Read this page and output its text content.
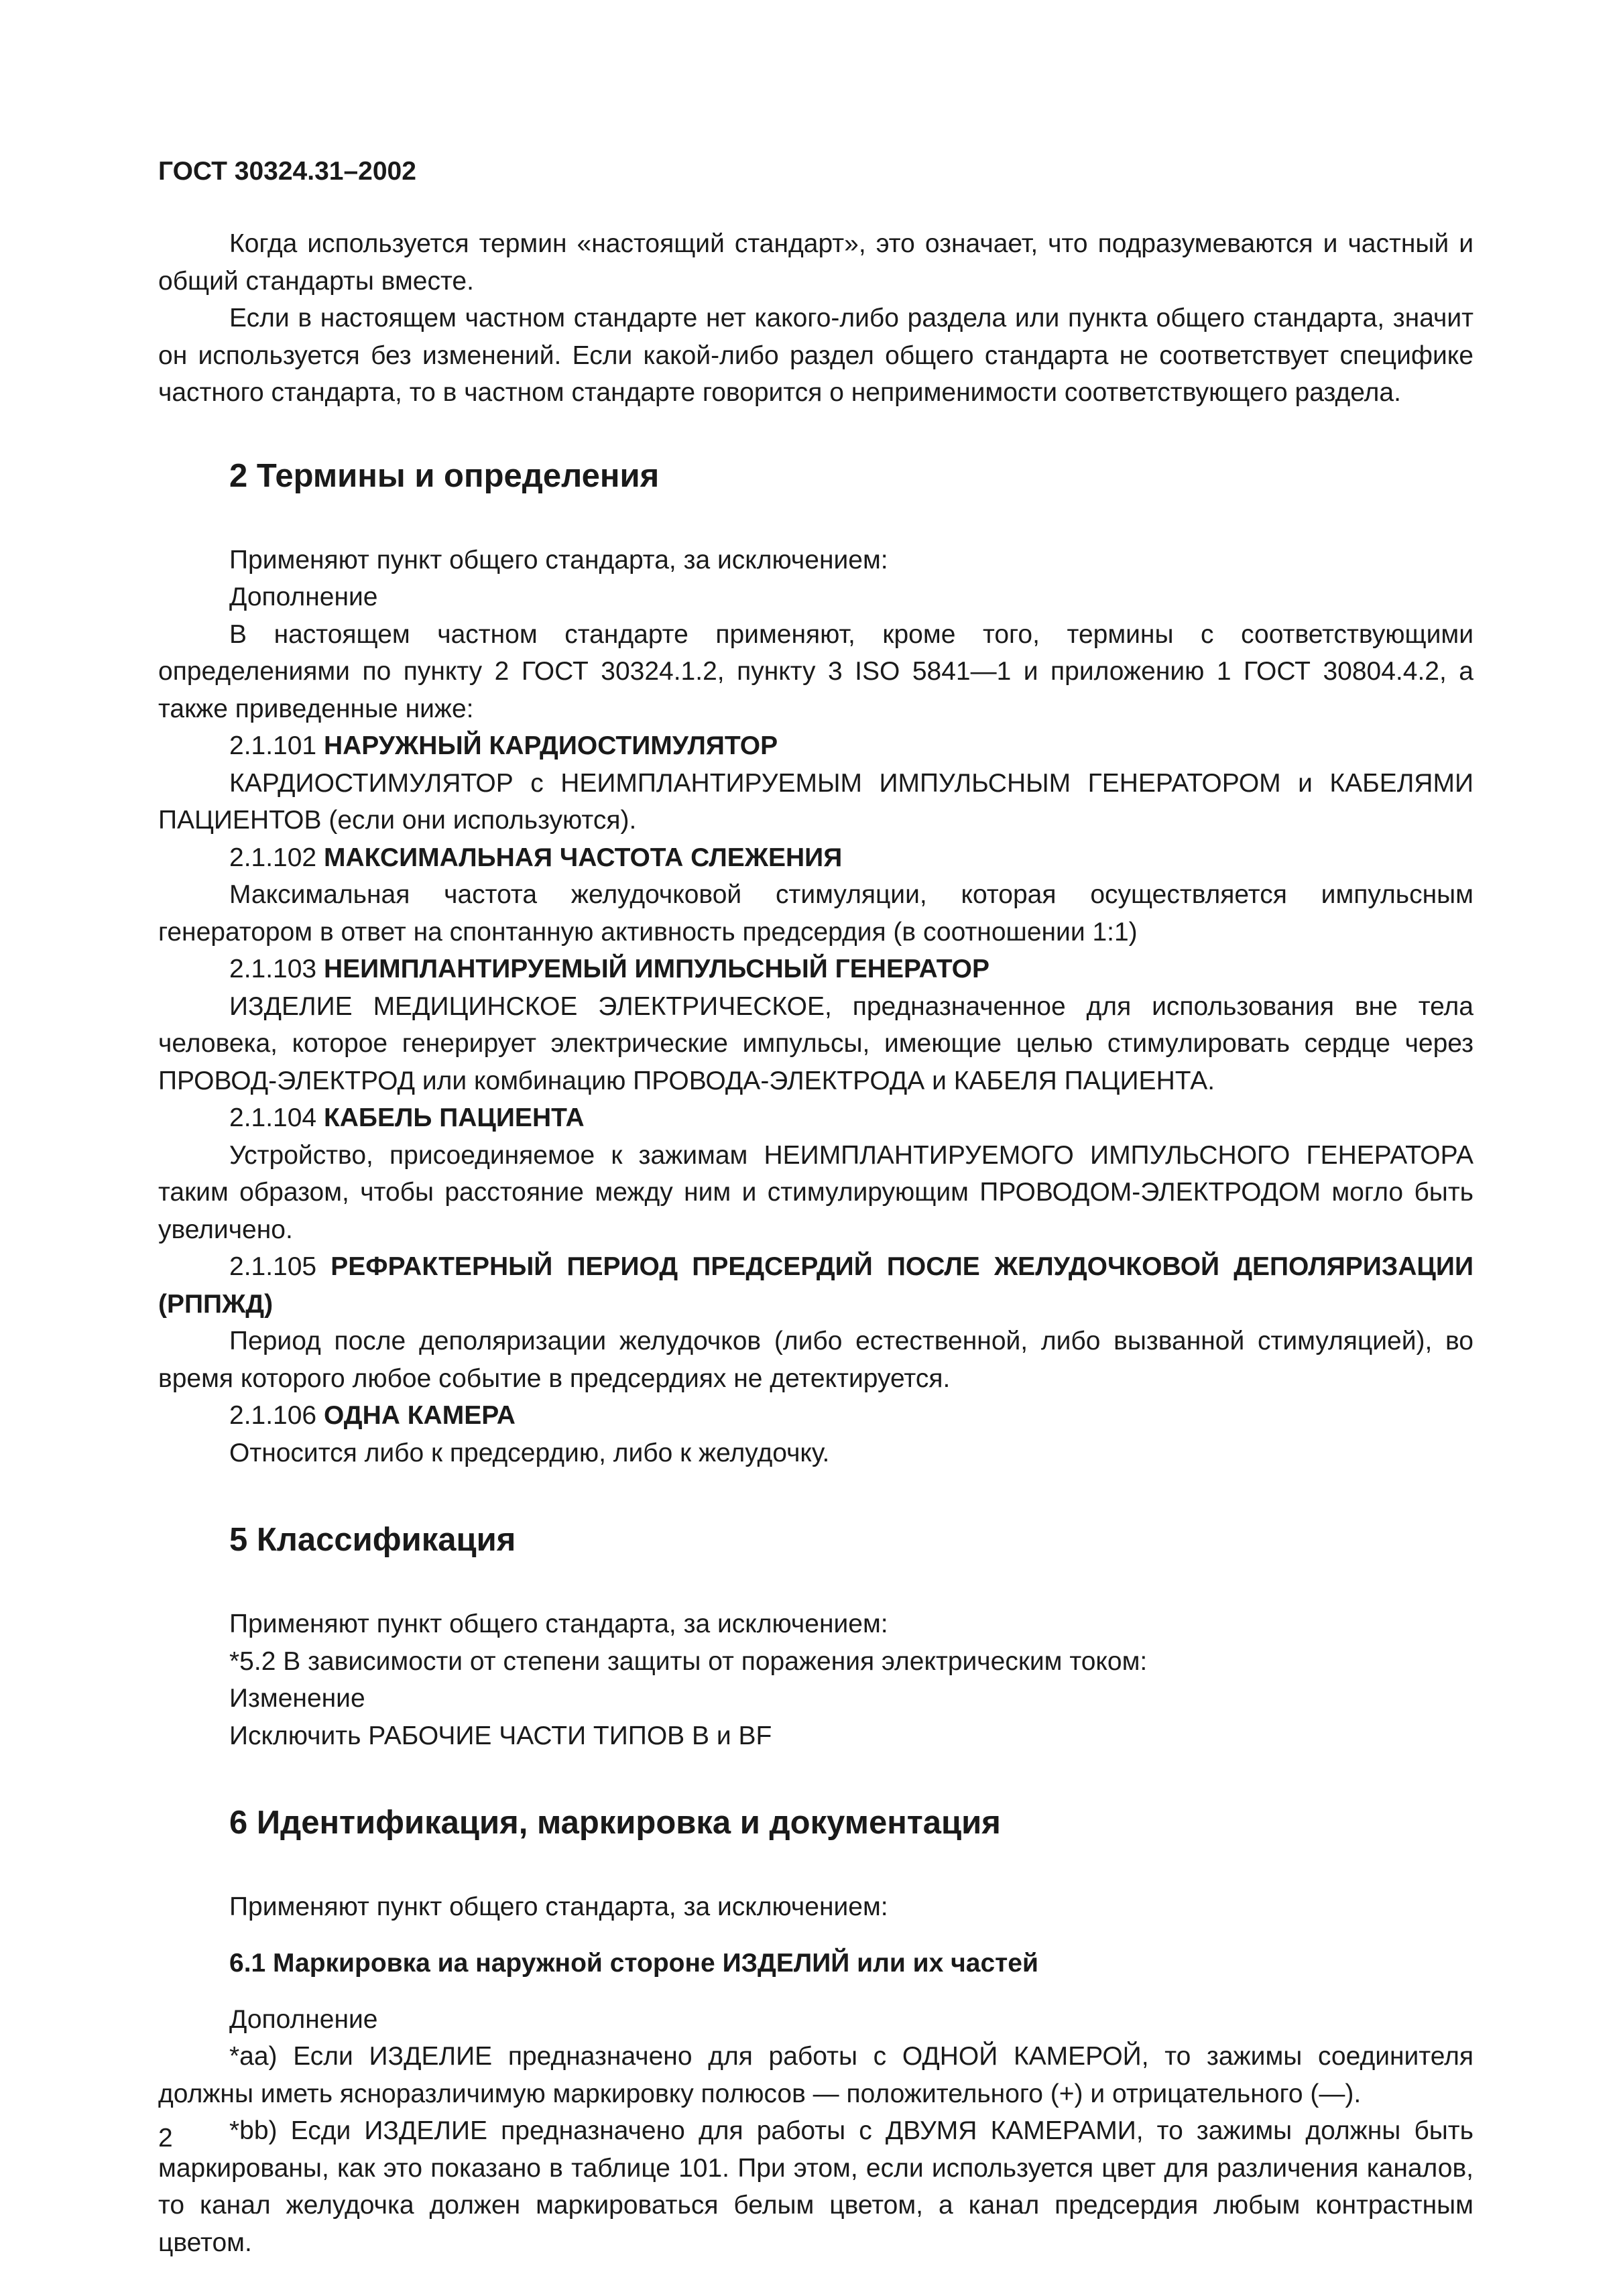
ГОСТ 30324.31–2002

Когда используется термин «настоящий стандарт», это означает, что подразумеваются и частный и общий стандарты вместе.

Если в настоящем частном стандарте нет какого-либо раздела или пункта общего стандарта, значит он используется без изменений. Если какой-либо раздел общего стандарта не соответствует специфике частного стандарта, то в частном стандарте говорится о неприменимости соответствующего раздела.

2 Термины и определения

Применяют пункт общего стандарта, за исключением:

Дополнение

В настоящем частном стандарте применяют, кроме того, термины с соответствующими определениями по пункту 2 ГОСТ 30324.1.2, пункту 3 ISO 5841—1 и приложению 1 ГОСТ 30804.4.2, а также приведенные ниже:

2.1.101 НАРУЖНЫЙ КАРДИОСТИМУЛЯТОР

КАРДИОСТИМУЛЯТОР с НЕИМПЛАНТИРУЕМЫМ ИМПУЛЬСНЫМ ГЕНЕРАТОРОМ и КАБЕЛЯМИ ПАЦИЕНТОВ (если они используются).

2.1.102 МАКСИМАЛЬНАЯ ЧАСТОТА СЛЕЖЕНИЯ

Максимальная частота желудочковой стимуляции, которая осуществляется импульсным генератором в ответ на спонтанную активность предсердия (в соотношении 1:1)

2.1.103 НЕИМПЛАНТИРУЕМЫЙ ИМПУЛЬСНЫЙ ГЕНЕРАТОР

ИЗДЕЛИЕ МЕДИЦИНСКОЕ ЭЛЕКТРИЧЕСКОЕ, предназначенное для использования вне тела человека, которое генерирует электрические импульсы, имеющие целью стимулировать сердце через ПРОВОД-ЭЛЕКТРОД или комбинацию ПРОВОДА-ЭЛЕКТРОДА и КАБЕЛЯ ПАЦИЕНТА.

2.1.104 КАБЕЛЬ ПАЦИЕНТА

Устройство, присоединяемое к зажимам НЕИМПЛАНТИРУЕМОГО ИМПУЛЬСНОГО ГЕНЕРАТОРА таким образом, чтобы расстояние между ним и стимулирующим ПРОВОДОМ-ЭЛЕКТРОДОМ могло быть увеличено.

2.1.105 РЕФРАКТЕРНЫЙ ПЕРИОД ПРЕДСЕРДИЙ ПОСЛЕ ЖЕЛУДОЧКОВОЙ ДЕПОЛЯРИЗАЦИИ (РППЖД)

Период после деполяризации желудочков (либо естественной, либо вызванной стимуляцией), во время которого любое событие в предсердиях не детектируется.

2.1.106 ОДНА КАМЕРА

Относится либо к предсердию, либо к желудочку.

5 Классификация

Применяют пункт общего стандарта, за исключением:

*5.2 В зависимости от степени защиты от поражения электрическим током:

Изменение

Исключить РАБОЧИЕ ЧАСТИ ТИПОВ В и BF

6 Идентификация, маркировка и документация

Применяют пункт общего стандарта, за исключением:

6.1 Маркировка иа наружной стороне ИЗДЕЛИЙ или их частей

Дополнение

*аа) Если ИЗДЕЛИЕ предназначено для работы с ОДНОЙ КАМЕРОЙ, то зажимы соединителя должны иметь ясноразличимую маркировку полюсов — положительного (+) и отрицательного (—).

*bb) Есди ИЗДЕЛИЕ предназначено для работы с ДВУМЯ КАМЕРАМИ, то зажимы должны быть маркированы, как это показано в таблице 101. При этом, если используется цвет для различения каналов, то канал желудочка должен маркироваться белым цветом, а канал предсердия любым контрастным цветом.

2
